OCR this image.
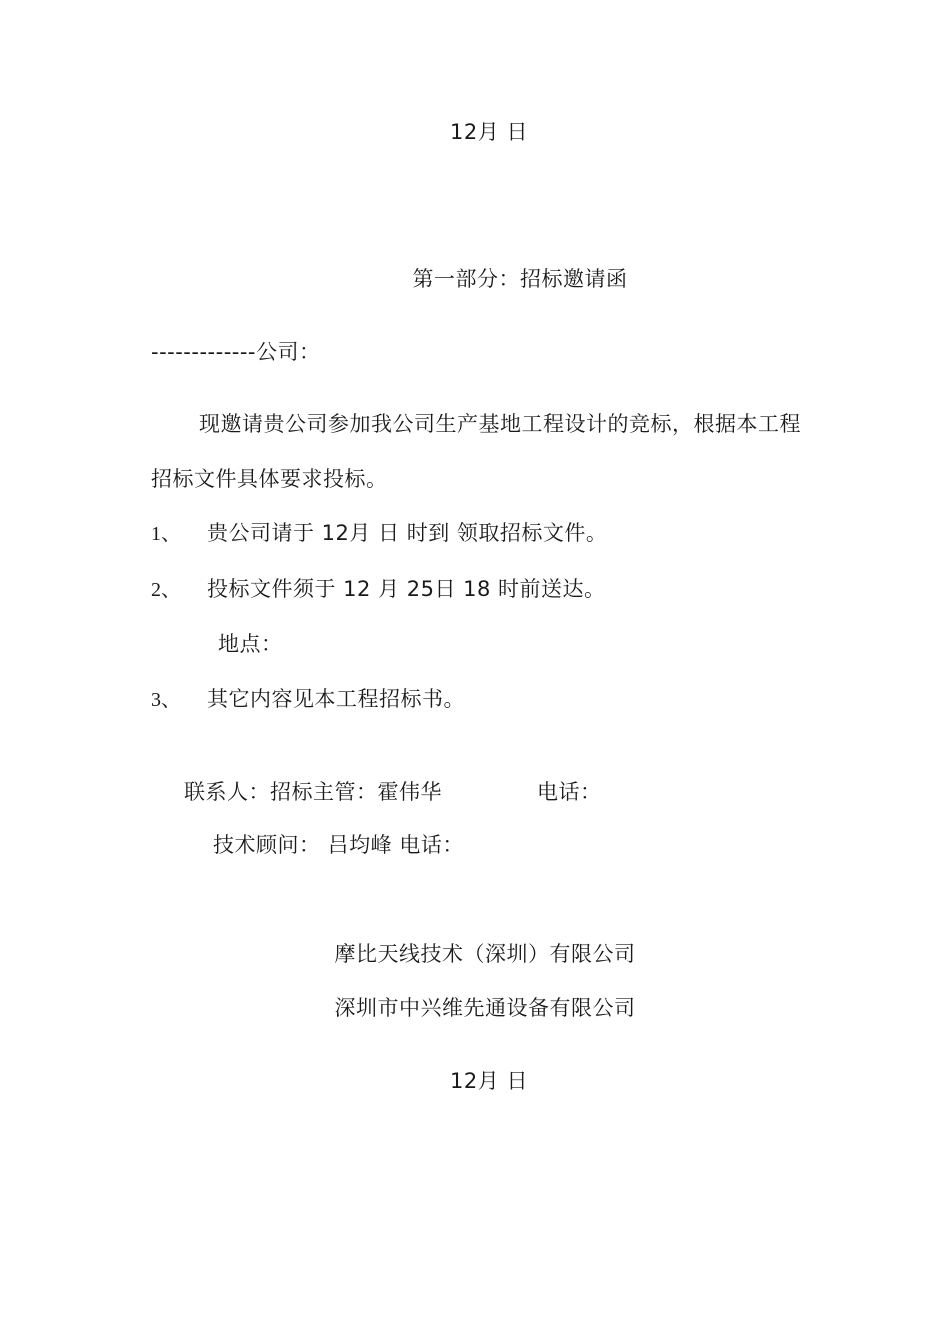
12月 日
第一部分：招标邀请函
-------------公司：
现邀请贵公司参加我公司生产基地工程设计的竞标，根据本工程
招标文件具体要求投标。
1、 贵公司请于 12月 日 时到 领取招标文件。
2、 投标文件须于 12 月 25日 18 时前送达。
地点：
3、 其它内容见本工程招标书。
联系人：招标主管：霍伟华	电话：
技术顾问： 吕均峰 电话：
摩比天线技术（深圳）有限公司
深圳市中兴维先通设备有限公司
12月 日
